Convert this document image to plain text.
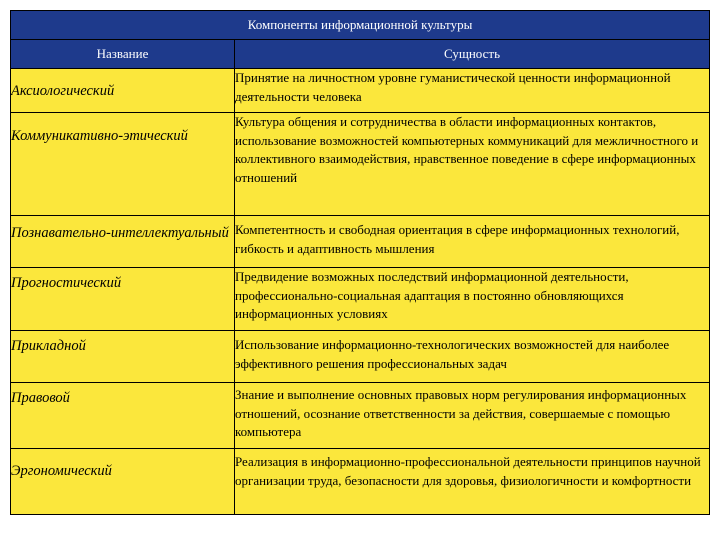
Компоненты информационной культуры	
Название	Сущность
Аксиологический	Принятие на личностном уровне гуманистической ценности информационной деятельности человека
Коммуникативно-этический	Культура общения и сотрудничества в области информационных контактов, использование возможностей компьютерных коммуникаций для межличностного и коллективного взаимодействия, нравственное поведение в сфере информационных отношений
Познавательно-интеллектуальный	Компетентность и свободная ориентация в сфере информационных технологий, гибкость и адаптивность мышления
Прогностический	Предвидение возможных последствий информационной деятельности, профессионально-социальная адаптация в постоянно обновляющихся информационных условиях
Прикладной	Использование информационно-технологических возможностей для наиболее эффективного решения профессиональных задач
Правовой	Знание и выполнение основных правовых норм регулирования информационных отношений, осознание ответственности за действия, совершаемые с помощью компьютера
Эргономический	Реализация в информационно-профессиональной деятельности принципов научной организации труда, безопасности для здоровья, физиологичности и комфортности
